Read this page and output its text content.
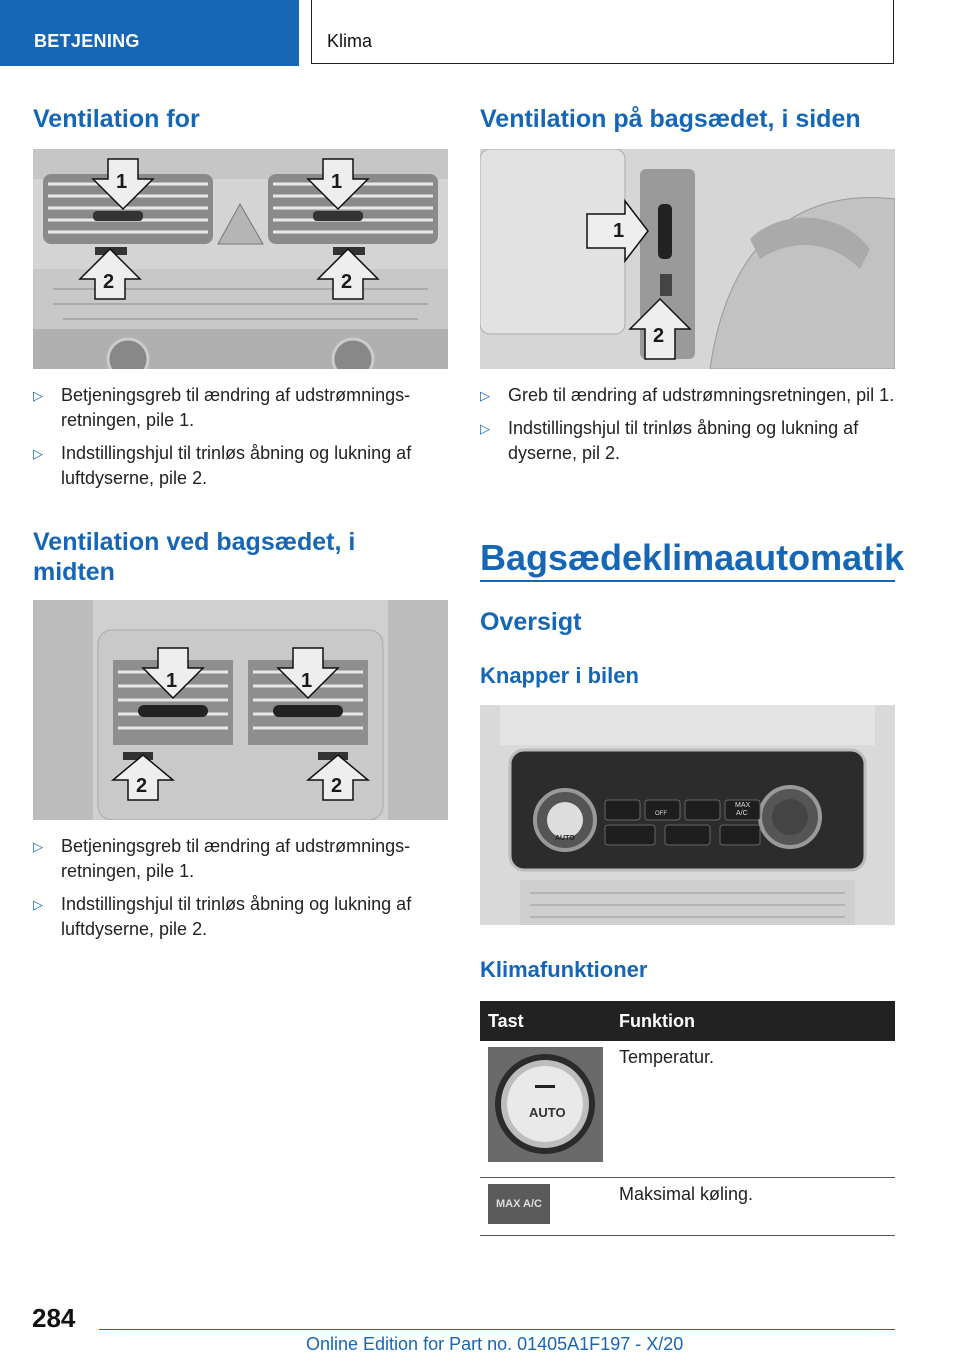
BETJENING	Klima
Ventilation for
1	1
2	2
▷ Betjeningsgreb til ændring af udstrømnings‐retningen, pile 1.
▷ Indstillingshjul til trinløs åbning og lukning af luftdyserne, pile 2.
Ventilation ved bagsædet, i midten
1	1
2	2
▷ Betjeningsgreb til ændring af udstrømnings‐retningen, pile 1.
▷ Indstillingshjul til trinløs åbning og lukning af luftdyserne, pile 2.
Ventilation på bagsædet, i siden
1
2
▷ Greb til ændring af udstrømningsretningen, pil 1.
▷ Indstillingshjul til trinløs åbning og lukning af dyserne, pil 2.
Bagsædeklimaautomatik
Oversigt
Knapper i bilen
AUTO
OFF
MAX
A/C
Klimafunktioner
Tast	Funktion

AUTO	Temperatur.

MAX A/C	Maksimal køling.
284
Online Edition for Part no. 01405A1F197 - X/20
